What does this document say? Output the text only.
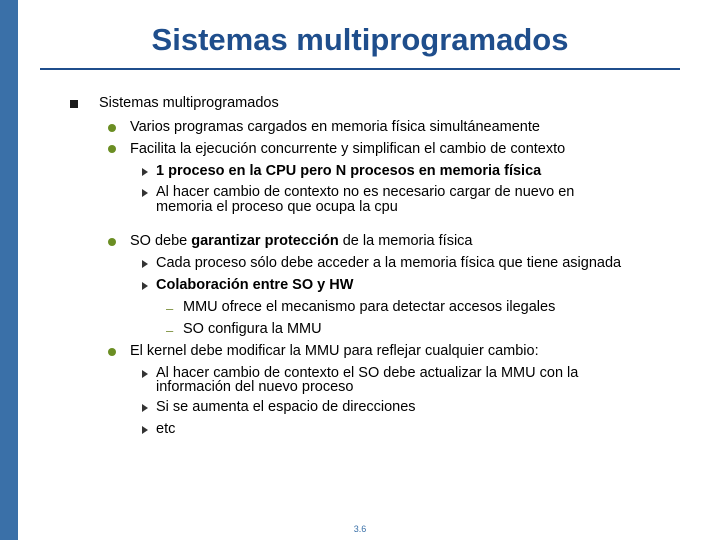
Sistemas multiprogramados
Sistemas multiprogramados
Varios programas cargados en memoria física simultáneamente
Facilita la ejecución concurrente y simplifican el cambio de contexto
1 proceso en la CPU pero N procesos en memoria física
Al hacer cambio de contexto no es necesario cargar de nuevo en
memoria el proceso que ocupa la cpu
SO debe garantizar protección de la memoria física
Cada proceso sólo debe acceder a la memoria física que tiene asignada
Colaboración entre SO y HW
– MMU ofrece el mecanismo para detectar accesos ilegales
– SO configura la MMU
El kernel debe modificar la MMU para reflejar cualquier cambio:
Al hacer cambio de contexto el SO debe actualizar la MMU con la
información del nuevo proceso
Si se aumenta el espacio de direcciones
etc
3.6
